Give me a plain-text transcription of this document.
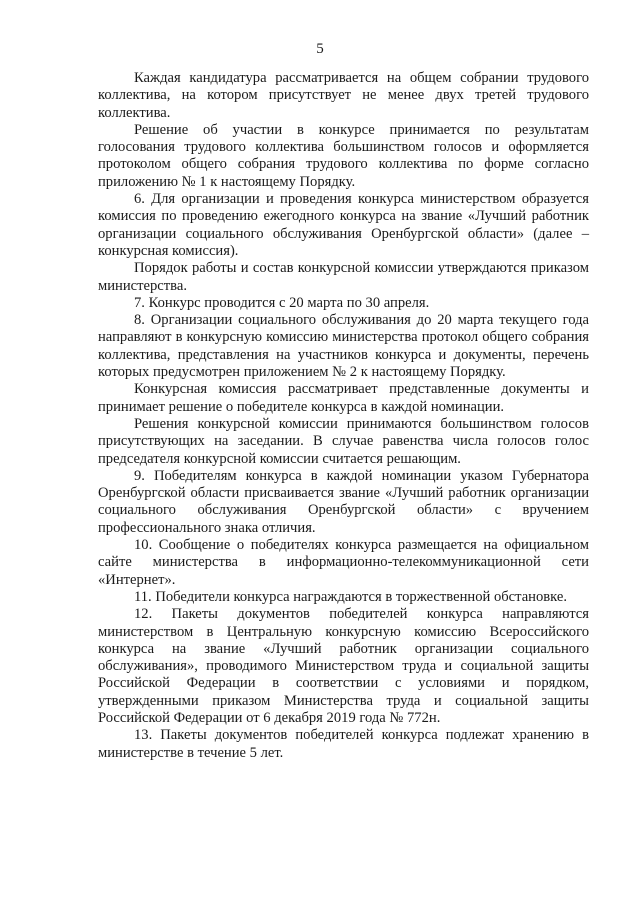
5

Каждая кандидатура рассматривается на общем собрании трудового коллектива, на котором присутствует не менее двух третей трудового коллектива.

Решение об участии в конкурсе принимается по результатам голосования трудового коллектива большинством голосов и оформляется протоколом общего собрания трудового коллектива по форме согласно приложению № 1 к настоящему Порядку.

6. Для организации и проведения конкурса министерством образуется комиссия по проведению ежегодного конкурса на звание «Лучший работник организации социального обслуживания Оренбургской области» (далее – конкурсная комиссия).

Порядок работы и состав конкурсной комиссии утверждаются приказом министерства.

7. Конкурс проводится с 20 марта по 30 апреля.

8. Организации социального обслуживания до 20 марта текущего года направляют в конкурсную комиссию министерства протокол общего собрания коллектива, представления на участников конкурса и документы, перечень которых предусмотрен приложением № 2 к настоящему Порядку.

Конкурсная комиссия рассматривает представленные документы и принимает решение о победителе конкурса в каждой номинации.

Решения конкурсной комиссии принимаются большинством голосов присутствующих на заседании. В случае равенства числа голосов голос председателя конкурсной комиссии считается решающим.

9. Победителям конкурса в каждой номинации указом Губернатора Оренбургской области присваивается звание «Лучший работник организации социального обслуживания Оренбургской области» с вручением профессионального знака отличия.

10. Сообщение о победителях конкурса размещается на официальном сайте министерства в информационно-телекоммуникационной сети «Интернет».

11. Победители конкурса награждаются в торжественной обстановке.

12. Пакеты документов победителей конкурса направляются министерством в Центральную конкурсную комиссию Всероссийского конкурса на звание «Лучший работник организации социального обслуживания», проводимого Министерством труда и социальной защиты Российской Федерации в соответствии с условиями и порядком, утвержденными приказом Министерства труда и социальной защиты Российской Федерации от 6 декабря 2019 года № 772н.

13. Пакеты документов победителей конкурса подлежат хранению в министерстве в течение 5 лет.
